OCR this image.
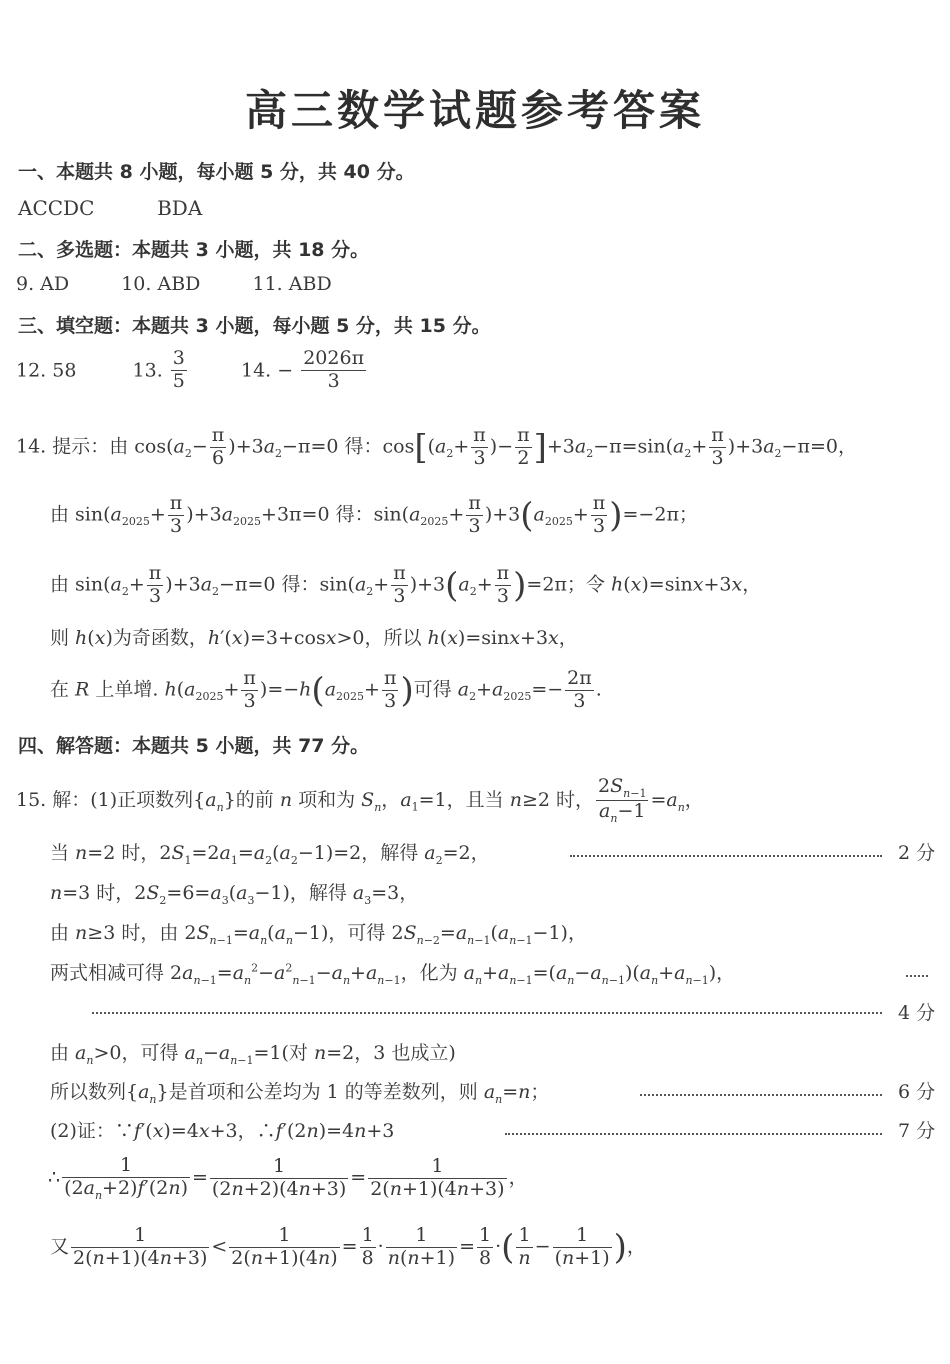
高三数学试题参考答案
一、本题共 8 小题，每小题 5 分，共 40 分。
ACCDC	BDA
二、多选题：本题共 3 小题，共 18 分。
9. AD	10. ABD	11. ABD
三、填空题：本题共 3 小题，每小题 5 分，共 15 分。
12. 58	13. $\frac{3}{5}$	14. − $\frac{2026\pi}{3}$
14. 提示：由 $\cos(a_2- \frac{\pi}{6} )+3a_2-\pi=0$ 得：$\cos[(a_2+ \frac{\pi}{3}$ )− $\frac{\pi}{2} ]+3a_2-\pi=\sin(a_2+ \frac{\pi}{3} )+3a_2-\pi=0$，
由 $\sin(a_{2025}+ \frac{\pi}{3} )+3a_{2025}+3\pi=0$ 得：$\sin(a_{2025}+ \frac{\pi}{3} )+3(a_{2025}+ \frac{\pi}{3} )=-2\pi$；
由 $\sin(a_2+ \frac{\pi}{3} )+3a_2-\pi=0$ 得：$\sin(a_2+ \frac{\pi}{3} )+3(a_2+ \frac{\pi}{3} )=2\pi$；令 h(x)=sinx+3x，
则 h(x)为奇函数，h′(x)=3+cosx>0，所以 h(x)=sinx+3x，
在 R 上单增. $h(a_{2025}+ \frac{\pi}{3} )=-h(a_{2025}+ \frac{\pi}{3}$ )可得 $a_2+a_{2025}=- \frac{2\pi}{3}$ .
四、解答题：本题共 5 小题，共 77 分。
15. 解：(1)正项数列$\{a_n\}$的前 n 项和为 $S_n$，$a_1=1$，且当 n≥2 时， $\frac{2S_{n-1}}{a_n-1} =a_n$，
当 n=2 时，$2S_1=2a_1=a_2(a_2-1)=2$，解得 $a_2=2$，	2 分
n=3 时，$2S_2=6=a_3(a_3-1)$，解得 $a_3=3$，
由 n≥3 时，由 $2S_{n-1}=a_n(a_n-1)$，可得 $2S_{n-2}=a_{n-1}(a_{n-1}-1)$，
两式相减可得 $2a_{n-1}=a_n^2-a^2_{n-1}-a_n+a_{n-1}$，化为 $a_n+a_{n-1}=(a_n-a_{n-1})(a_n+a_{n-1})$，
4 分
由 $a_n>0$，可得 $a_n-a_{n-1}=1$(对 n=2，3 也成立)
所以数列$\{a_n\}$是首项和公差均为 1 的等差数列，则 $a_n=n$；	6 分
(2)证：∵f′(x)=4x+3，∴f′(2n)=4n+3	7 分
∴ $\frac{1}{(2a_n+2)f'(2n)} = \frac{1}{(2n+2)(4n+3)} = \frac{1}{2(n+1)(4n+3)}$ ，
又 $\frac{1}{2(n+1)(4n+3)} < \frac{1}{2(n+1)(4n)} = \frac{1}{8} \cdot \frac{1}{n(n+1)} = \frac{1}{8}$ ·( $\frac{1}{n} - \frac{1}{(n+1)}$ )，
